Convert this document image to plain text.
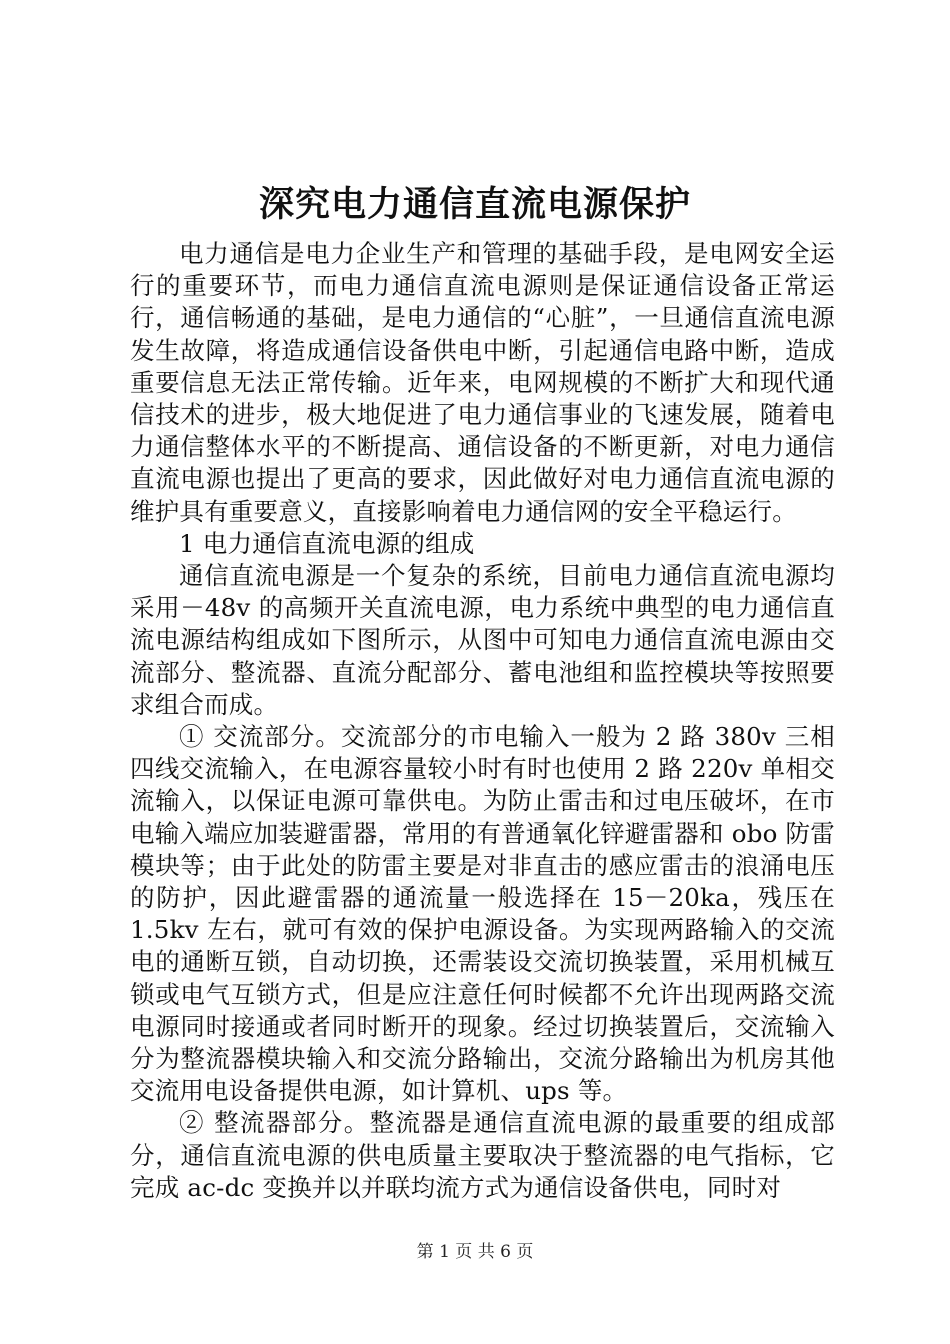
深究电力通信直流电源保护

电力通信是电力企业生产和管理的基础手段，是电网安全运行的重要环节，而电力通信直流电源则是保证通信设备正常运行，通信畅通的基础，是电力通信的“心脏”，一旦通信直流电源发生故障，将造成通信设备供电中断，引起通信电路中断，造成重要信息无法正常传输。近年来，电网规模的不断扩大和现代通信技术的进步，极大地促进了电力通信事业的飞速发展，随着电力通信整体水平的不断提高、通信设备的不断更新，对电力通信直流电源也提出了更高的要求，因此做好对电力通信直流电源的维护具有重要意义，直接影响着电力通信网的安全平稳运行。

1 电力通信直流电源的组成

通信直流电源是一个复杂的系统，目前电力通信直流电源均采用－48v 的高频开关直流电源，电力系统中典型的电力通信直流电源结构组成如下图所示，从图中可知电力通信直流电源由交流部分、整流器、直流分配部分、蓄电池组和监控模块等按照要求组合而成。

① 交流部分。交流部分的市电输入一般为 2 路 380v 三相四线交流输入，在电源容量较小时有时也使用 2 路 220v 单相交流输入，以保证电源可靠供电。为防止雷击和过电压破坏，在市电输入端应加装避雷器，常用的有普通氧化锌避雷器和 obo 防雷模块等；由于此处的防雷主要是对非直击的感应雷击的浪涌电压的防护，因此避雷器的通流量一般选择在 15－20ka，残压在 1.5kv 左右，就可有效的保护电源设备。为实现两路输入的交流电的通断互锁，自动切换，还需装设交流切换装置，采用机械互锁或电气互锁方式，但是应注意任何时候都不允许出现两路交流电源同时接通或者同时断开的现象。经过切换装置后，交流输入分为整流器模块输入和交流分路输出，交流分路输出为机房其他交流用电设备提供电源，如计算机、ups 等。

② 整流器部分。整流器是通信直流电源的最重要的组成部分，通信直流电源的供电质量主要取决于整流器的电气指标，它完成 ac-dc 变换并以并联均流方式为通信设备供电，同时对

第 1 页 共 6 页
